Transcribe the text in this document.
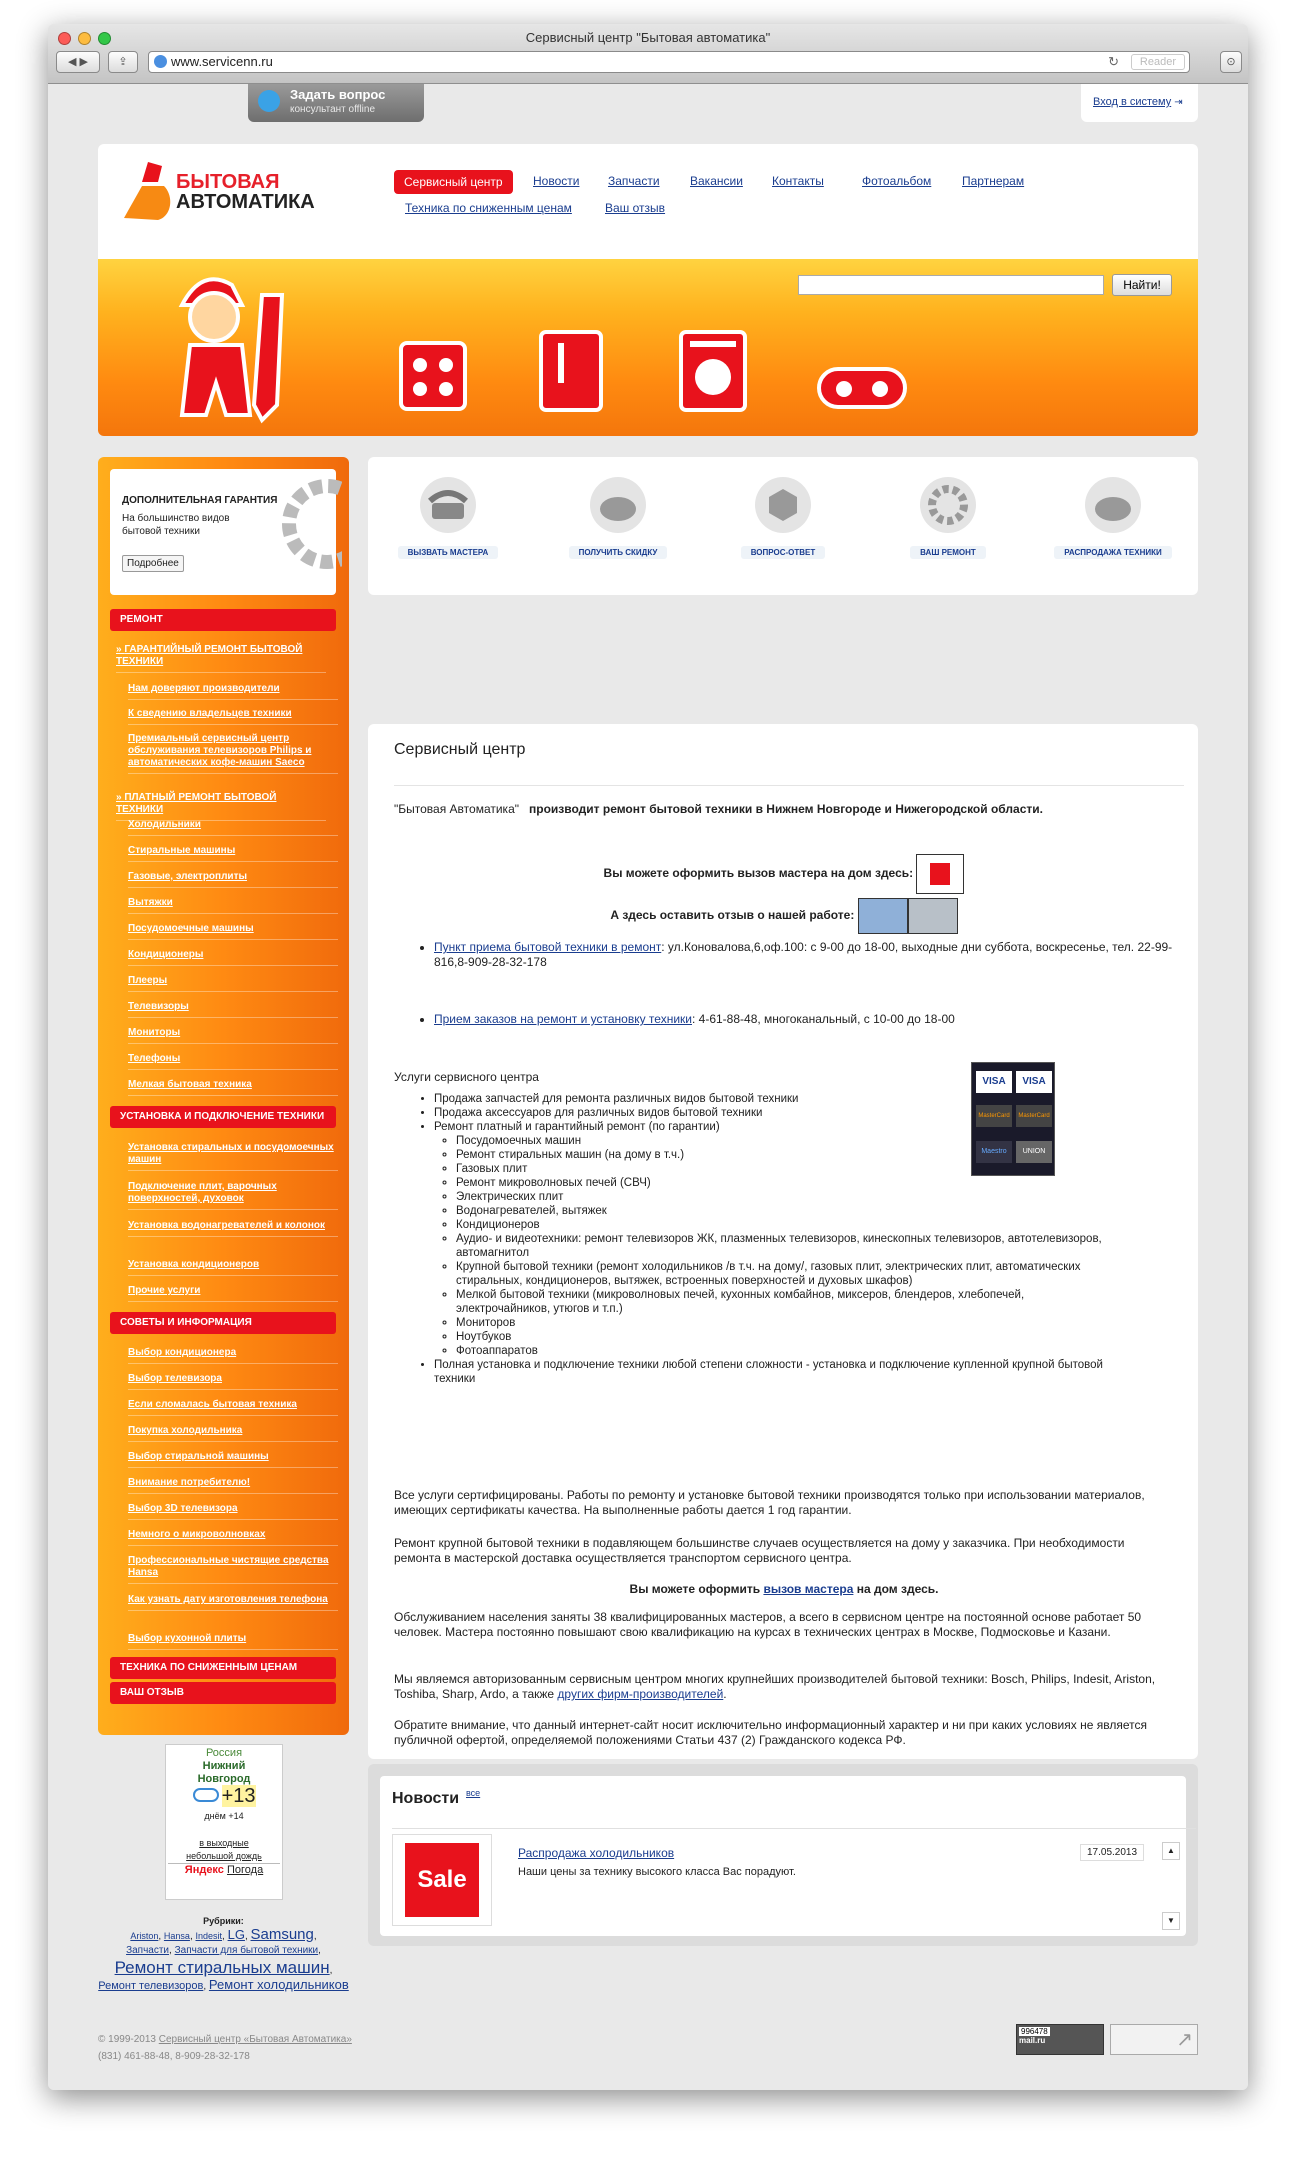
Сервисный центр "Бытовая автоматика"
◀ ▶	⇪	www.servicenn.ru	↻	Reader	⊙
Задать вопрос
консультант offline
Вход в систему ⇥
БЫТОВАЯ
АВТОМАТИКА
Сервисный центр	Новости Запчасти	Вакансии Контакты	Фотоальбом	Партнерам
Техника по сниженным ценам	Ваш отзыв
Найти!
ДОПОЛНИТЕЛЬНАЯ ГАРАНТИЯ
На большинство видов бытовой техники
Подробнее
РЕМОНТ
» ГАРАНТИЙНЫЙ РЕМОНТ БЫТОВОЙ ТЕХНИКИ
Нам доверяют производители
К сведению владельцев техники
Премиальный сервисный центр обслуживания телевизоров Philips и автоматических кофе-машин Saeco
» ПЛАТНЫЙ РЕМОНТ БЫТОВОЙ ТЕХНИКИ
Холодильники
Стиральные машины
Газовые, электроплиты
Вытяжки
Посудомоечные машины
Кондиционеры
Плееры
Телевизоры
Мониторы
Телефоны
Мелкая бытовая техника
УСТАНОВКА И ПОДКЛЮЧЕНИЕ ТЕХНИКИ
Установка стиральных и посудомоечных машин
Подключение плит, варочных поверхностей, духовок
Установка водонагревателей и колонок
Установка кондиционеров
Прочие услуги
СОВЕТЫ И ИНФОРМАЦИЯ
Выбор кондиционера
Выбор телевизора
Если сломалась бытовая техника
Покупка холодильника
Выбор стиральной машины
Внимание потребителю!
Выбор 3D телевизора
Немного о микроволновках
Профессиональные чистящие средства Hansa
Как узнать дату изготовления телефона
Выбор кухонной плиты
ТЕХНИКА ПО СНИЖЕННЫМ ЦЕНАМ
ВАШ ОТЗЫВ
Россия
Нижний
Новгород
+13
днём +14
в выходные
небольшой дождь
Яндекс Погода
Рубрики:
Ariston, Hansa, Indesit, LG, Samsung,
Запчасти, Запчасти для бытовой техники,
Ремонт стиральных машин,
Ремонт телевизоров, Ремонт холодильников

ВЫЗВАТЬ МАСТЕРА	ПОЛУЧИТЬ СКИДКУ	ВОПРОС-ОТВЕТ	ВАШ РЕМОНТ	РАСПРОДАЖА ТЕХНИКИ
Сервисный центр
"Бытовая Автоматика" производит ремонт бытовой техники в Нижнем Новгороде и Нижегородской области.
Вы можете оформить вызов мастера на дом здесь:
А здесь оставить отзыв о нашей работе:
• Пункт приема бытовой техники в ремонт: ул.Коновалова,6,оф.100: с 9-00 до 18-00, выходные дни суббота, воскресенье, тел. 22-99-816,8-909-28-32-178
• Прием заказов на ремонт и установку техники: 4-61-88-48, многоканальный, с 10-00 до 18-00
Услуги сервисного центра	VISA	VISA
MasterCard	MasterCard
Maestro	UNION
• Продажа запчастей для ремонта различных видов бытовой техники
• Продажа аксессуаров для различных видов бытовой техники
• Ремонт платный и гарантийный ремонт (по гарантии)
◦ Посудомоечных машин
◦ Ремонт стиральных машин (на дому в т.ч.)
◦ Газовых плит
◦ Ремонт микроволновых печей (СВЧ)
◦ Электрических плит
◦ Водонагревателей, вытяжек
◦ Кондиционеров
◦ Аудио- и видеотехники: ремонт телевизоров ЖК, плазменных телевизоров, кинескопных телевизоров, автотелевизоров, автомагнитол
◦ Крупной бытовой техники (ремонт холодильников /в т.ч. на дому/, газовых плит, электрических плит, автоматических стиральных, кондиционеров, вытяжек, встроенных поверхностей и духовых шкафов)
◦ Мелкой бытовой техники (микроволновых печей, кухонных комбайнов, миксеров, блендеров, хлебопечей, электрочайников, утюгов и т.п.)
◦ Мониторов
◦ Ноутбуков
◦ Фотоаппаратов
• Полная установка и подключение техники любой степени сложности - установка и подключение купленной крупной бытовой техники
Все услуги сертифицированы. Работы по ремонту и установке бытовой техники производятся только при использовании материалов, имеющих сертификаты качества. На выполненные работы дается 1 год гарантии.
Ремонт крупной бытовой техники в подавляющем большинстве случаев осуществляется на дому у заказчика. При необходимости ремонта в мастерской доставка осуществляется транспортом сервисного центра.
Вы можете оформить вызов мастера на дом здесь.
Обслуживанием населения заняты 38 квалифицированных мастеров, а всего в сервисном центре на постоянной основе работает 50 человек. Мастера постоянно повышают свою квалификацию на курсах в технических центрах в Москве, Подмосковье и Казани.
Мы являемся авторизованным сервисным центром многих крупнейших производителей бытовой техники: Bosch, Philips, Indesit, Ariston, Toshiba, Sharp, Ardo, а также других фирм-производителей.
Обратите внимание, что данный интернет-сайт носит исключительно информационный характер и ни при каких условиях не является публичной офертой, определяемой положениями Статьи 437 (2) Гражданского кодекса РФ.
Новости все
Sale
Распродажа холодильников
Наши цены за технику высокого класса Вас порадуют.
17.05.2013	▲
▼
© 1999-2013 Сервисный центр «Бытовая Автоматика»
(831) 461-88-48, 8-909-28-32-178
996478
mail.ru	↗
